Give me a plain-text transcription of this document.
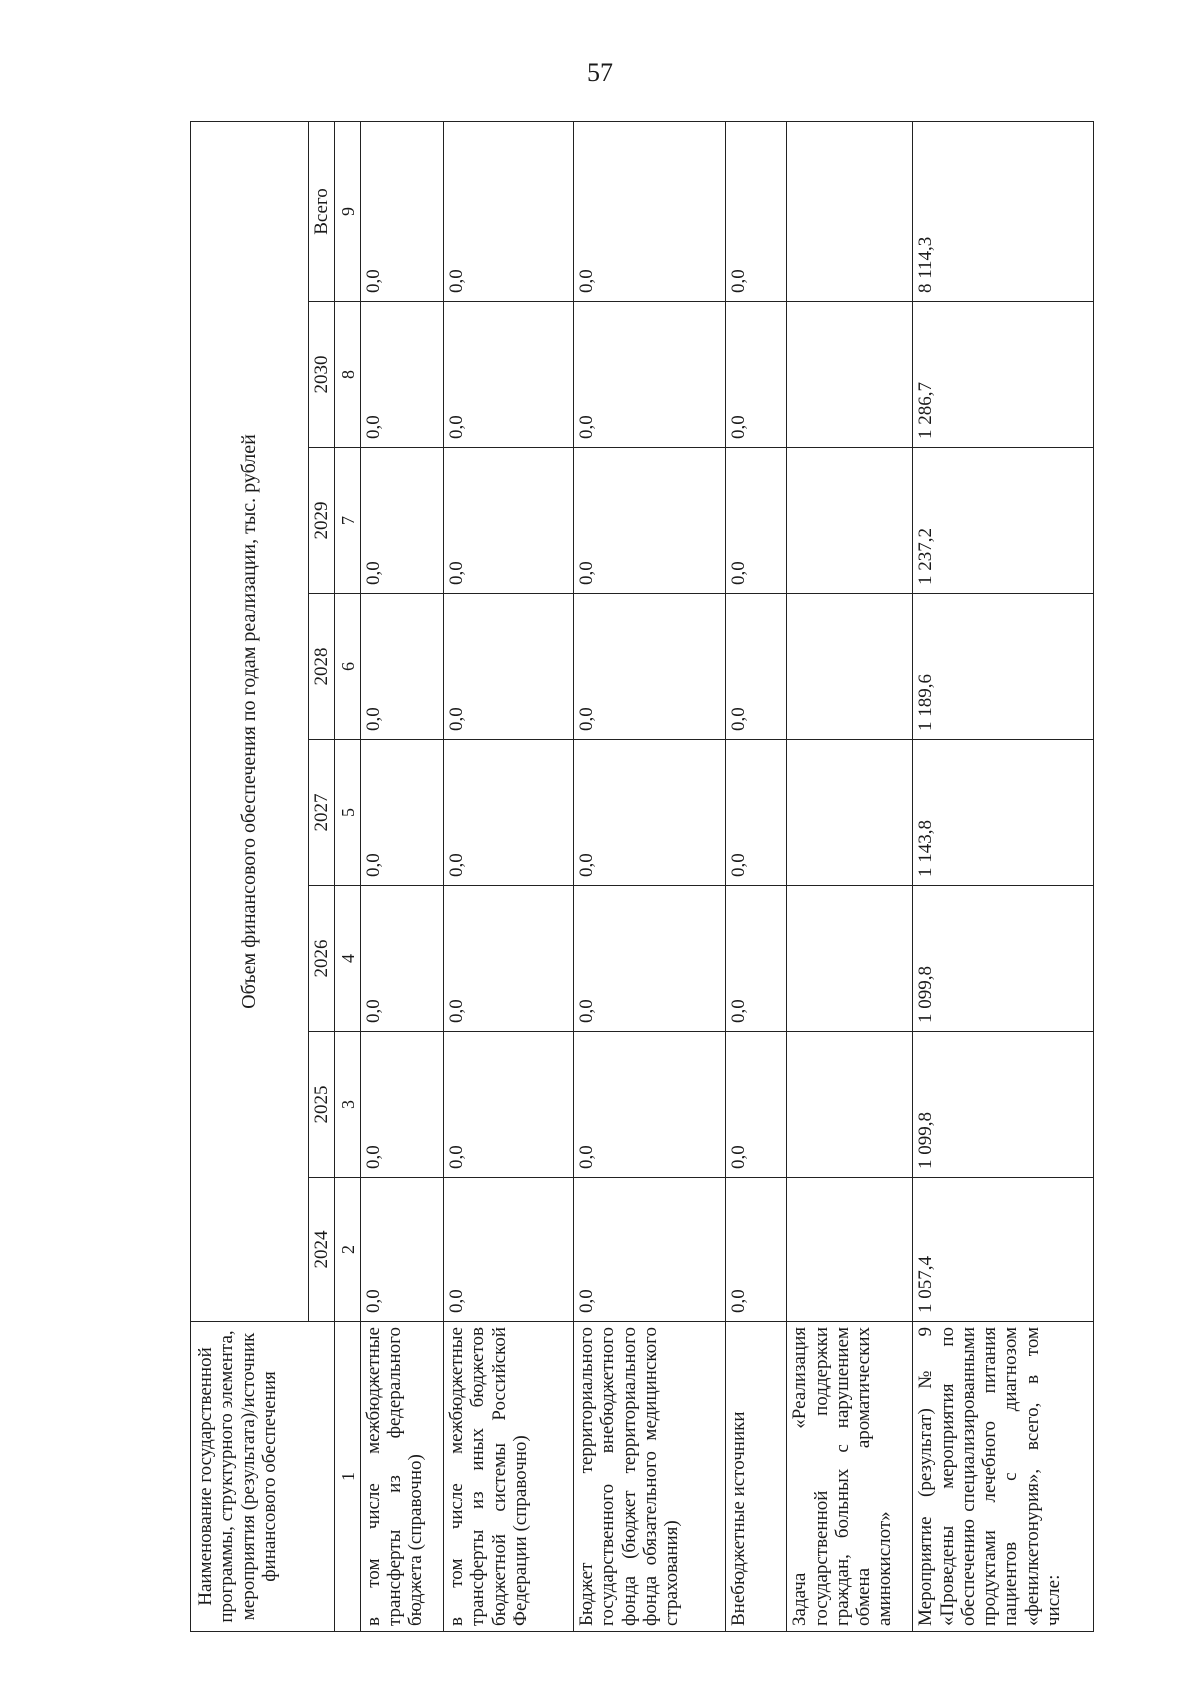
57
Наименование государственной программы, структурного элемента, мероприятия (результата)/источник финансового обеспечения	Объем финансового обеспечения по годам реализации, тыс. рублей							
	2024	2025	2026	2027	2028	2029	2030	Всего
1	2	3	4	5	6	7	8	9
в том числе межбюджетные трансферты из федерального бюджета (справочно)	0,0	0,0	0,0	0,0	0,0	0,0	0,0	0,0
в том числе межбюджетные трансферты из иных бюджетов бюджетной системы Российской Федерации (справочно)	0,0	0,0	0,0	0,0	0,0	0,0	0,0	0,0
Бюджет территориального государственного внебюджетного фонда (бюджет территориального фонда обязательного медицинского страхования)	0,0	0,0	0,0	0,0	0,0	0,0	0,0	0,0
Внебюджетные источники	0,0	0,0	0,0	0,0	0,0	0,0	0,0	0,0
Задача «Реализация государственной поддержки граждан, больных с нарушением обмена ароматических аминокислот»								
Мероприятие (результат) № 9 «Проведены мероприятия по обеспечению специализированными продуктами лечебного питания пациентов с диагнозом «фенилкетонурия», всего, в том числе:	1 057,4	1 099,8	1 099,8	1 143,8	1 189,6	1 237,2	1 286,7	8 114,3
